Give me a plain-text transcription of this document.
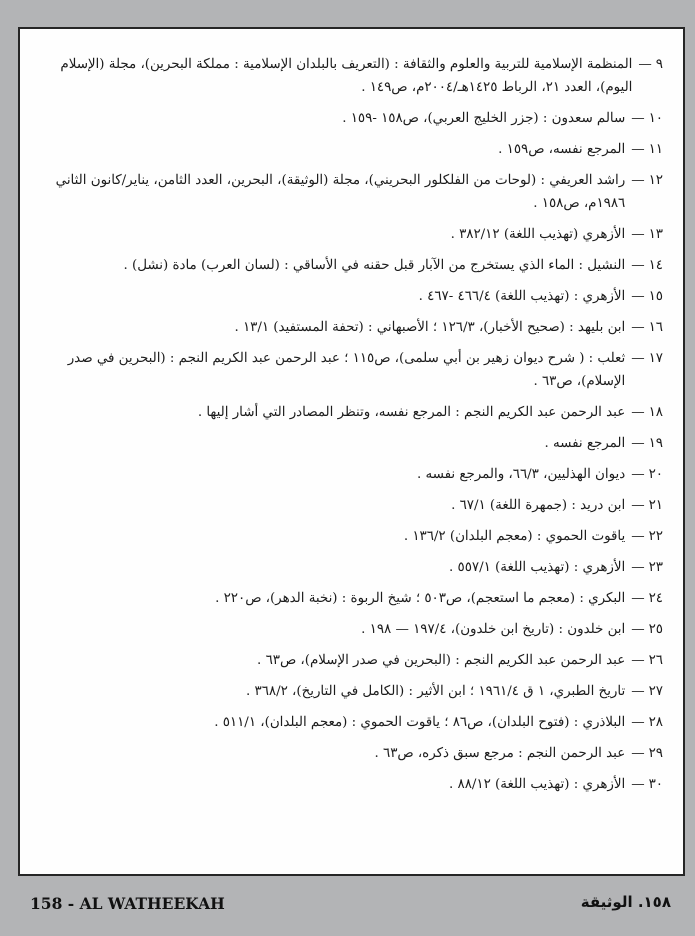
٩
—
المنظمة الإسلامية للتربية والعلوم والثقافة : (التعريف بالبلدان الإسلامية : مملكة البحرين)، مجلة (الإسلام اليوم)، العدد ٢١، الرباط ١٤٢٥هـ/٢٠٠٤م، ص١٤٩ .
١٠
—
سالم سعدون : (جزر الخليج العربي)، ص١٥٨ -١٥٩ .
١١
—
المرجع نفسه، ص١٥٩ .
١٢
—
راشد العريفي : (لوحات من الفلكلور البحريني)، مجلة (الوثيقة)، البحرين، العدد الثامن، يناير/كانون الثاني ١٩٨٦م، ص١٥٨ .
١٣
—
الأزهري (تهذيب اللغة) ٣٨٢/١٢ .
١٤
—
النشيل : الماء الذي يستخرج من الآبار قبل حقنه في الأساقي : (لسان العرب) مادة (نشل) .
١٥
—
الأزهري : (تهذيب اللغة) ٤٦٦/٤ -٤٦٧ .
١٦
—
ابن بليهد : (صحيح الأخبار)، ١٢٦/٣ ؛ الأصبهاني : (تحفة المستفيد) ١٣/١ .
١٧
—
ثعلب : ( شرح ديوان زهير بن أبي سلمى)، ص١١٥ ؛ عبد الرحمن عبد الكريم النجم : (البحرين في صدر الإسلام)، ص٦٣ .
١٨
—
عبد الرحمن عبد الكريم النجم : المرجع نفسه، وتنظر المصادر التي أشار إليها .
١٩
—
المرجع نفسه .
٢٠
—
ديوان الهذليين، ٦٦/٣، والمرجع نفسه .
٢١
—
ابن دريد : (جمهرة اللغة) ٦٧/١ .
٢٢
—
ياقوت الحموي : (معجم البلدان) ١٣٦/٢ .
٢٣
—
الأزهري : (تهذيب اللغة) ٥٥٧/١ .
٢٤
—
البكري : (معجم ما استعجم)، ص٥٠٣ ؛ شيخ الربوة : (نخبة الدهر)، ص٢٢٠ .
٢٥
—
ابن خلدون : (تاريخ ابن خلدون)، ١٩٧/٤ — ١٩٨ .
٢٦
—
عبد الرحمن عبد الكريم النجم : (البحرين في صدر الإسلام)، ص٦٣ .
٢٧
—
تاريخ الطبري، ١ ق ١٩٦١/٤ ؛ ابن الأثير : (الكامل في التاريخ)، ٣٦٨/٢ .
٢٨
—
البلاذري : (فتوح البلدان)، ص٨٦ ؛ ياقوت الحموي : (معجم البلدان)، ٥١١/١ .
٢٩
—
عبد الرحمن النجم : مرجع سبق ذكره، ص٦٣ .
٣٠
—
الأزهري : (تهذيب اللغة) ٨٨/١٢ .
158 - AL WATHEEKAH	١٥٨. الوثيقة
